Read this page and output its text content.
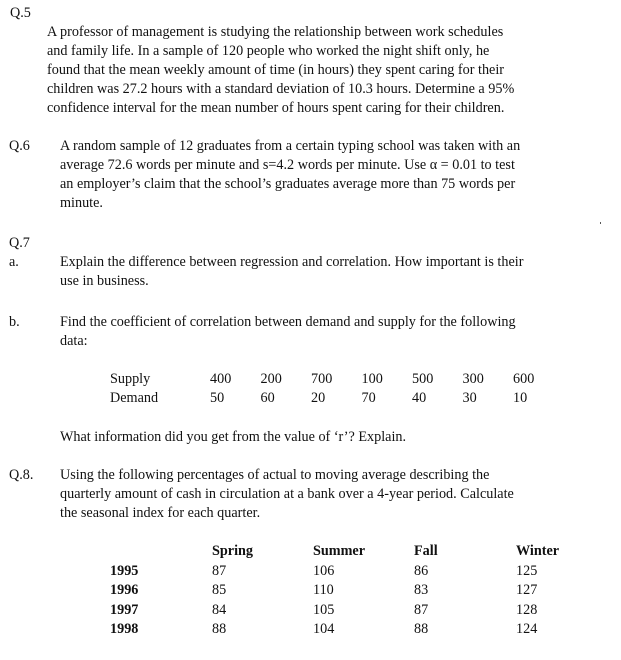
Q.5
A professor of management is studying the relationship between work schedules
and family life. In a sample of 120 people who worked the night shift only, he
found that the mean weekly amount of time (in hours) they spent caring for their
children was 27.2 hours with a standard deviation of 10.3 hours. Determine a 95%
confidence interval for the mean number of hours spent caring for their children.
Q.6 A random sample of 12 graduates from a certain typing school was taken with an
average 72.6 words per minute and s=4.2 words per minute. Use α = 0.01 to test
an employer’s claim that the school’s graduates average more than 75 words per
minute.
Q.7
a.	Explain the difference between regression and correlation. How important is their
use in business.
b.	Find the coefficient of correlation between demand and supply for the following
data:
Supply	400	200	700	100	500	300	600
Demand	50	60	20	70	40	30	10
What information did you get from the value of ‘r’? Explain.
Q.8. Using the following percentages of actual to moving average describing the
quarterly amount of cash in circulation at a bank over a 4-year period. Calculate
the seasonal index for each quarter.
	Spring	Summer	Fall	Winter
1995	87	106	86	125
1996	85	110	83	127
1997	84	105	87	128
1998	88	104	88	124
